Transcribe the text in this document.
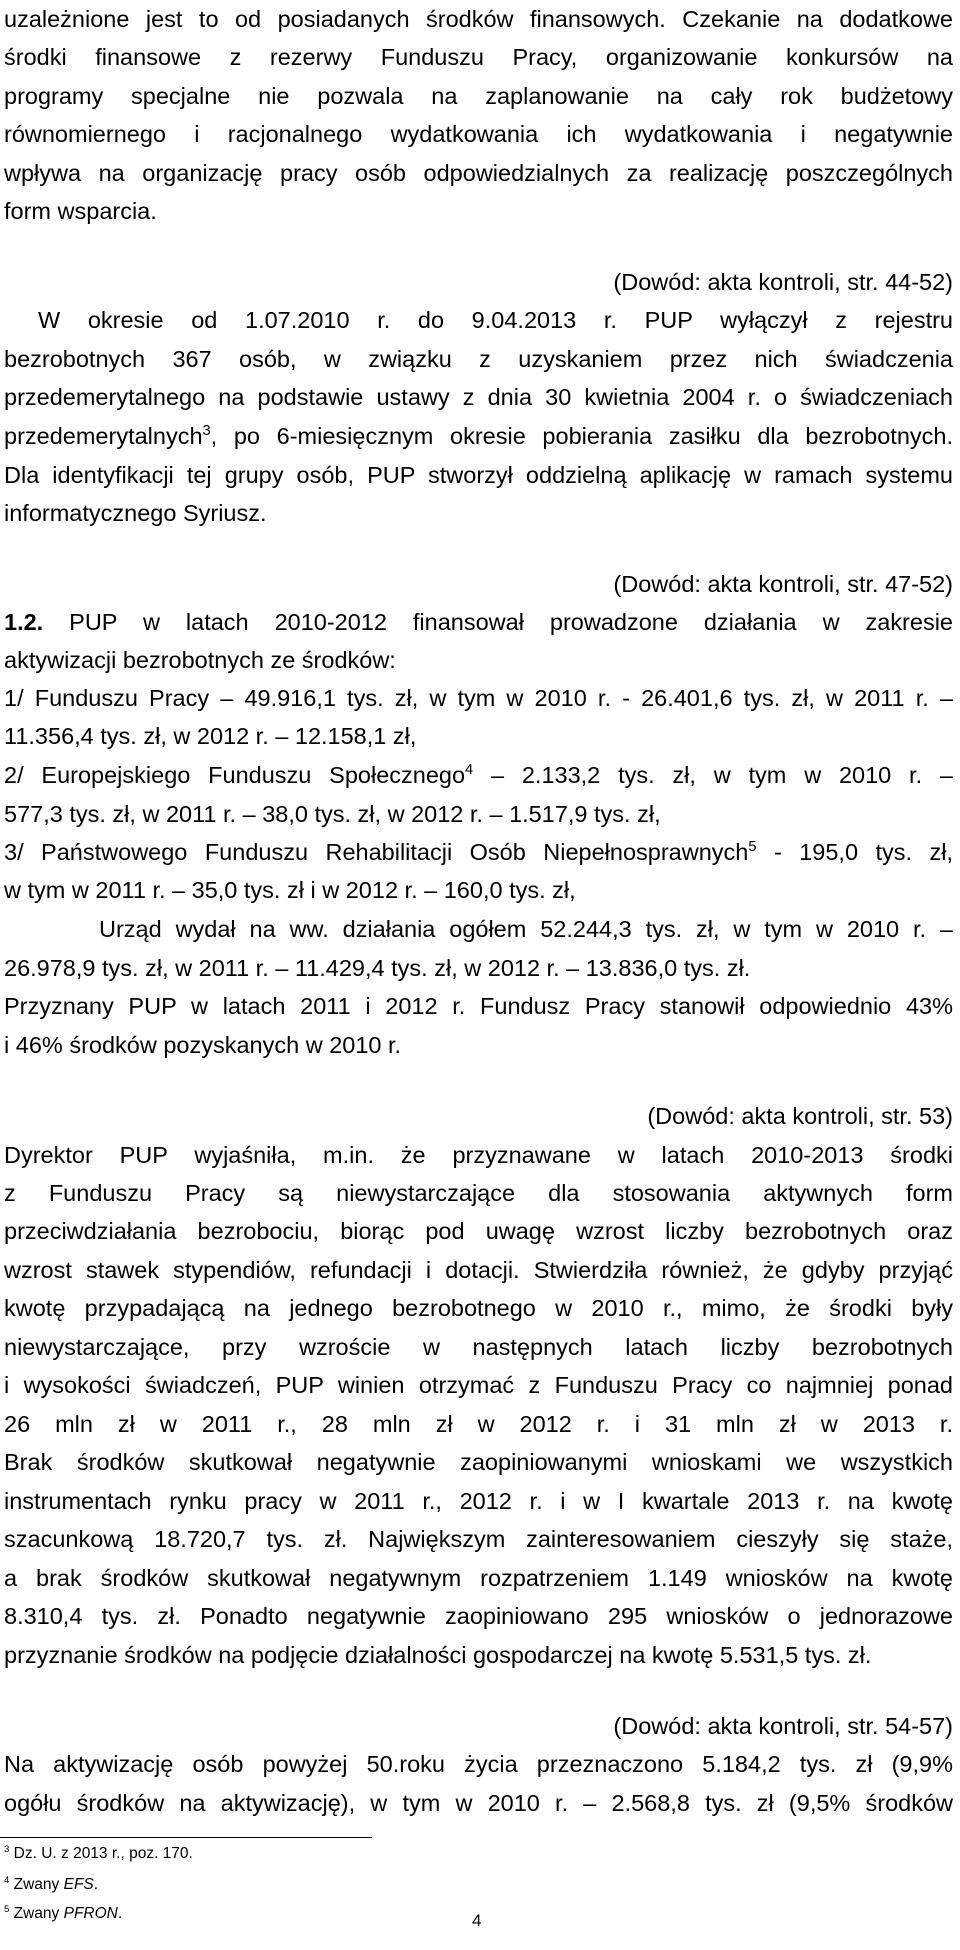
uzależnione jest to od posiadanych środków finansowych. Czekanie na dodatkowe
środki finansowe z rezerwy Funduszu Pracy, organizowanie konkursów na
programy specjalne nie pozwala na zaplanowanie na cały rok budżetowy
równomiernego i racjonalnego wydatkowania ich wydatkowania i negatywnie
wpływa na organizację pracy osób odpowiedzialnych za realizację poszczególnych
form wsparcia.
(Dowód: akta kontroli, str. 44-52)
W okresie od 1.07.2010 r. do 9.04.2013 r. PUP wyłączył z rejestru
bezrobotnych 367 osób, w związku z uzyskaniem przez nich świadczenia
przedemerytalnego na podstawie ustawy z dnia 30 kwietnia 2004 r. o świadczeniach
przedemerytalnych$^3$, po 6-miesięcznym okresie pobierania zasiłku dla bezrobotnych.
Dla identyfikacji tej grupy osób, PUP stworzył oddzielną aplikację w ramach systemu
informatycznego Syriusz.
(Dowód: akta kontroli, str. 47-52)
1.2. PUP w latach 2010-2012 finansował prowadzone działania w zakresie
aktywizacji bezrobotnych ze środków:
1/ Funduszu Pracy – 49.916,1 tys. zł, w tym w 2010 r. - 26.401,6 tys. zł, w 2011 r. –
11.356,4 tys. zł, w 2012 r. – 12.158,1 zł,
2/ Europejskiego Funduszu Społecznego$^4$ – 2.133,2 tys. zł, w tym w 2010 r. –
577,3 tys. zł, w 2011 r. – 38,0 tys. zł, w 2012 r. – 1.517,9 tys. zł,
3/ Państwowego Funduszu Rehabilitacji Osób Niepełnosprawnych$^5$ - 195,0 tys. zł,
w tym w 2011 r. – 35,0 tys. zł i w 2012 r. – 160,0 tys. zł,
Urząd wydał na ww. działania ogółem 52.244,3 tys. zł, w tym w 2010 r. –
26.978,9 tys. zł, w 2011 r. – 11.429,4 tys. zł, w 2012 r. – 13.836,0 tys. zł.
Przyznany PUP w latach 2011 i 2012 r. Fundusz Pracy stanowił odpowiednio 43%
i 46% środków pozyskanych w 2010 r.
(Dowód: akta kontroli, str. 53)
Dyrektor PUP wyjaśniła, m.in. że przyznawane w latach 2010-2013 środki
z Funduszu Pracy są niewystarczające dla stosowania aktywnych form
przeciwdziałania bezrobociu, biorąc pod uwagę wzrost liczby bezrobotnych oraz
wzrost stawek stypendiów, refundacji i dotacji. Stwierdziła również, że gdyby przyjąć
kwotę przypadającą na jednego bezrobotnego w 2010 r., mimo, że środki były
niewystarczające, przy wzroście w następnych latach liczby bezrobotnych
i wysokości świadczeń, PUP winien otrzymać z Funduszu Pracy co najmniej ponad
26 mln zł w 2011 r., 28 mln zł w 2012 r. i 31 mln zł w 2013 r.
Brak środków skutkował negatywnie zaopiniowanymi wnioskami we wszystkich
instrumentach rynku pracy w 2011 r., 2012 r. i w I kwartale 2013 r. na kwotę
szacunkową 18.720,7 tys. zł. Największym zainteresowaniem cieszyły się staże,
a brak środków skutkował negatywnym rozpatrzeniem 1.149 wniosków na kwotę
8.310,4 tys. zł. Ponadto negatywnie zaopiniowano 295 wniosków o jednorazowe
przyznanie środków na podjęcie działalności gospodarczej na kwotę 5.531,5 tys. zł.
(Dowód: akta kontroli, str. 54-57)
Na aktywizację osób powyżej 50.roku życia przeznaczono 5.184,2 tys. zł (9,9%
ogółu środków na aktywizację), w tym w 2010 r. – 2.568,8 tys. zł (9,5% środków
4
$^3$ Dz. U. z 2013 r., poz. 170.
$^4$ Zwany EFS.
$^5$ Zwany PFRON.
